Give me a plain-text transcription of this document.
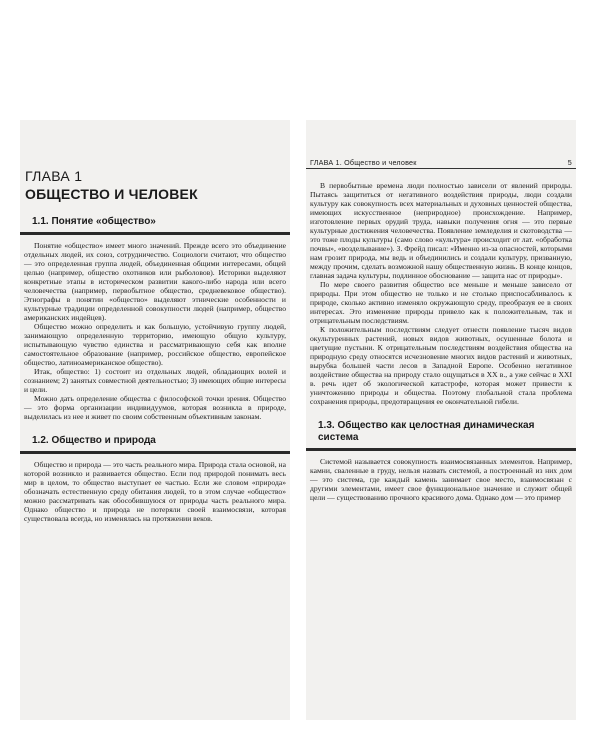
ГЛАВА 1
ОБЩЕСТВО И ЧЕЛОВЕК
1.1. Понятие «общество»

Понятие «общество» имеет много значений. Прежде всего это объединение отдельных людей, их союз, сотрудничество. Социологи считают, что общество — это определенная группа людей, объединенная общими интересами, общей целью (например, общество охотников или рыболовов). Историки выделяют конкретные этапы в историческом развитии какого-либо народа или всего человечества (например, первобытное общество, средневековое общество). Этнографы в понятии «общество» выделяют этнические особенности и культурные традиции определенной совокупности людей (например, общество американских индейцев).

Общество можно определить и как большую, устойчивую группу людей, занимающую определенную территорию, имеющую общую культуру, испытывающую чувство единства и рассматривающую себя как вполне самостоятельное образование (например, российское общество, европейское общество, латиноамериканское общество).

Итак, общество: 1) состоит из отдельных людей, обладающих волей и сознанием; 2) занятых совместной деятельностью; 3) имеющих общие интересы и цели.

Можно дать определение общества с философской точки зрения. Общество — это форма организации индивидуумов, которая возникла в природе, выделилась из нее и живет по своим собственным объективным законам.

1.2. Общество и природа

Общество и природа — это часть реального мира. Природа стала основой, на которой возникло и развивается общество. Если под природой понимать весь мир в целом, то общество выступает ее частью. Если же словом «природа» обозначать естественную среду обитания людей, то в этом случае «общество» можно рассматривать как обособившуюся от природы часть реального мира. Однако общество и природа не потеряли своей взаимосвязи, которая существовала всегда, но изменялась на протяжении веков.

ГЛАВА 1. Общество и человек	5

В первобытные времена люди полностью зависели от явлений природы. Пытаясь защититься от негативного воздействия природы, люди создали культуру как совокупность всех материальных и духовных ценностей общества, имеющих искусственное (неприродное) происхождение. Например, изготовление первых орудий труда, навыки получения огня — это первые культурные достижения человечества. Появление земледелия и скотоводства — это тоже плоды культуры (само слово «культура» происходит от лат. «обработка почвы», «возделывание»). З. Фрейд писал: «Именно из-за опасностей, которыми нам грозит природа, мы ведь и объединились и создали культуру, призванную, между прочим, сделать возможной нашу общественную жизнь. В конце концов, главная задача культуры, подлинное обоснование — защита нас от природы».

По мере своего развития общество все меньше и меньше зависело от природы. При этом общество не только и не столько приспосабливалось к природе, сколько активно изменяло окружающую среду, преобразуя ее в своих интересах. Это изменение природы привело как к положительным, так и отрицательным последствиям.

К положительным последствиям следует отнести появление тысяч видов окультуренных растений, новых видов животных, осушенные болота и цветущие пустыни. К отрицательным последствиям воздействия общества на природную среду относятся исчезновение многих видов растений и животных, вырубка большей части лесов в Западной Европе. Особенно негативное воздействие общества на природу стало ощущаться в XX в., а уже сейчас в XXI в. речь идет об экологической катастрофе, которая может привести к уничтожению природы и общества. Поэтому глобальной стала проблема сохранения природы, предотвращения ее окончательной гибели.

1.3. Общество как целостная динамическая система

Системой называется совокупность взаимосвязанных элементов. Например, камни, сваленные в груду, нельзя назвать системой, а построенный из них дом — это система, где каждый камень занимает свое место, взаимосвязан с другими элементами, имеет свое функциональное значение и служит общей цели — существованию прочного красивого дома. Однако дом — это пример
